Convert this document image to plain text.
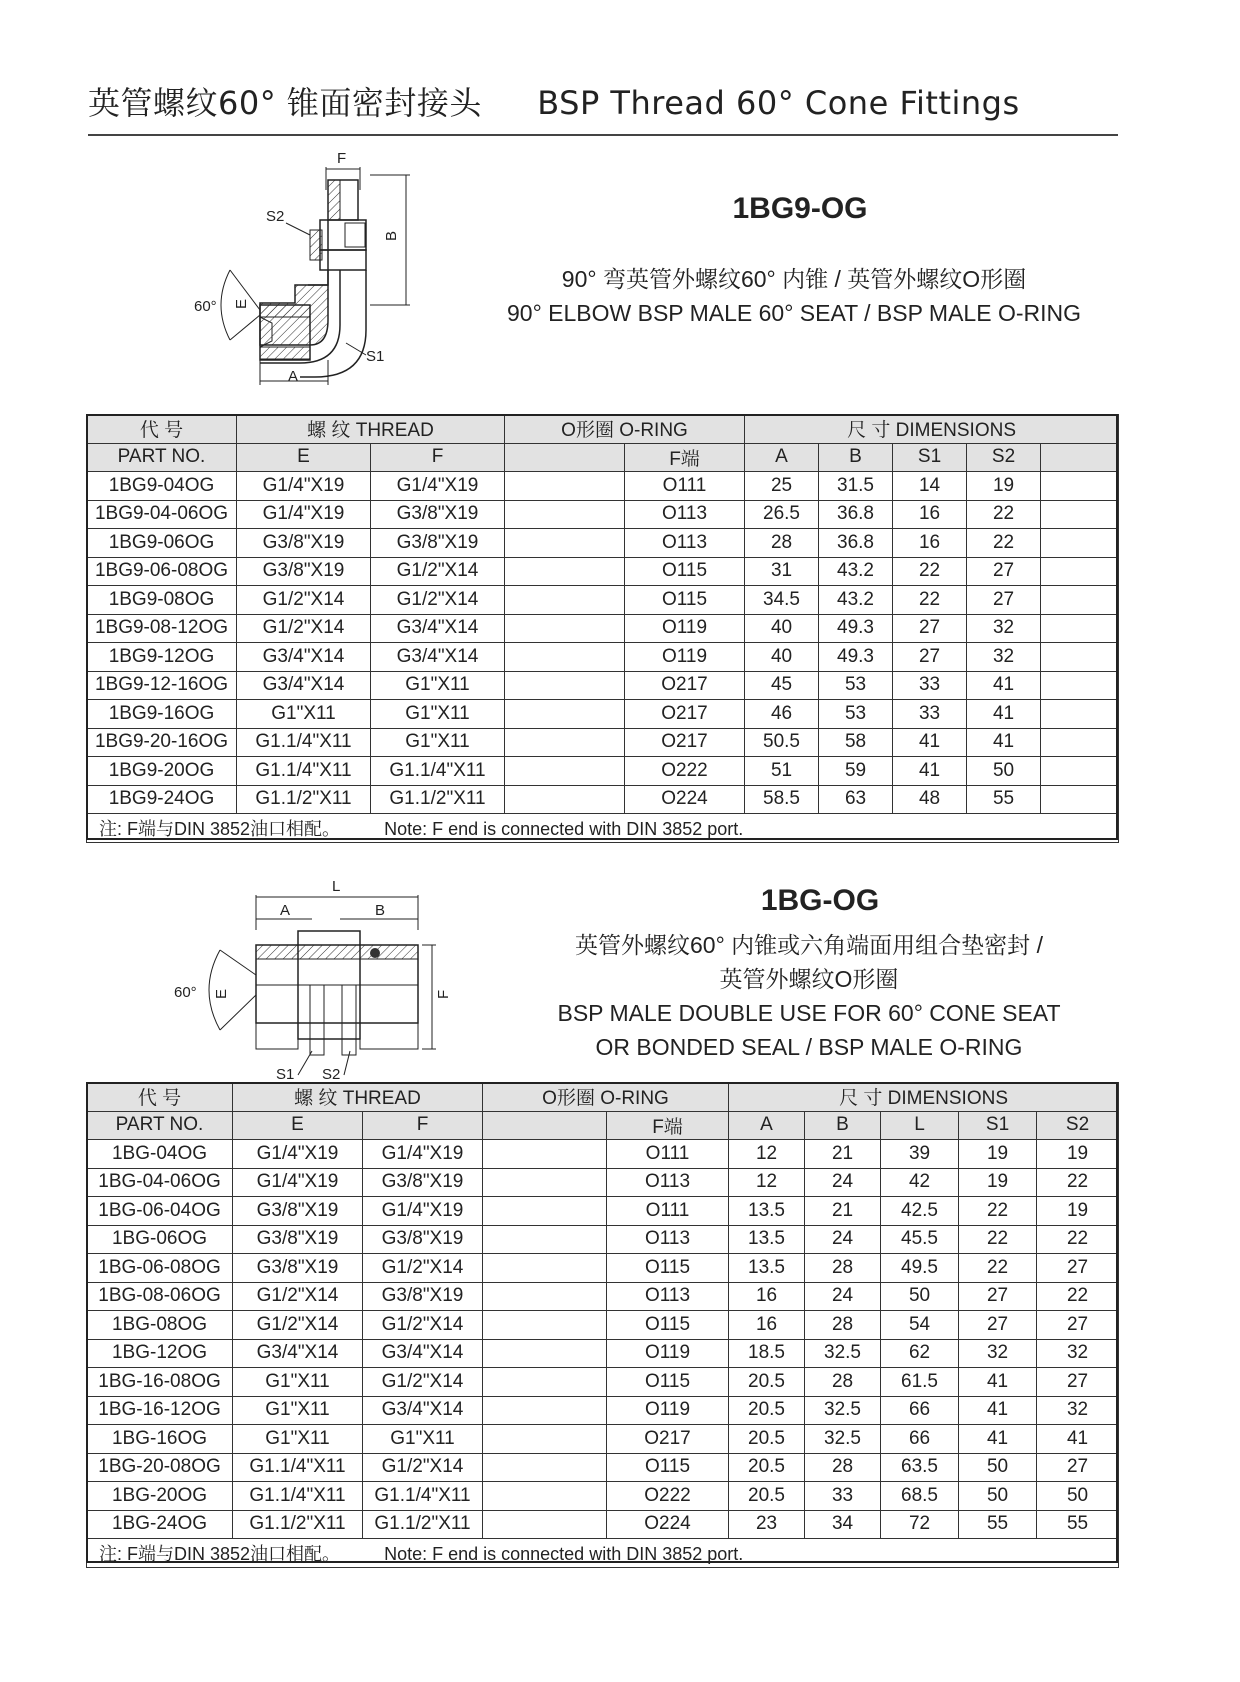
英管螺纹60° 锥面密封接头 BSP Thread 60° Cone Fittings
F
B
S2
60° E
S1
A
1BG9-OG
90° 弯英管外螺纹60° 内锥 / 英管外螺纹O形圈
90° ELBOW BSP MALE 60° SEAT / BSP MALE O-RING
代 号	螺 纹 THREAD		O形圈 O-RING		尺 寸 DIMENSIONS				
PART NO.	E	F		F端	A	B	S1	S2	
1BG9-04OG	G1/4"X19	G1/4"X19		O111	25	31.5	14	19	
1BG9-04-06OG	G1/4"X19	G3/8"X19		O113	26.5	36.8	16	22	
1BG9-06OG	G3/8"X19	G3/8"X19		O113	28	36.8	16	22	
1BG9-06-08OG	G3/8"X19	G1/2"X14		O115	31	43.2	22	27	
1BG9-08OG	G1/2"X14	G1/2"X14		O115	34.5	43.2	22	27	
1BG9-08-12OG	G1/2"X14	G3/4"X14		O119	40	49.3	27	32	
1BG9-12OG	G3/4"X14	G3/4"X14		O119	40	49.3	27	32	
1BG9-12-16OG	G3/4"X14	G1"X11		O217	45	53	33	41	
1BG9-16OG	G1"X11	G1"X11		O217	46	53	33	41	
1BG9-20-16OG	G1.1/4"X11	G1"X11		O217	50.5	58	41	41	
1BG9-20OG	G1.1/4"X11	G1.1/4"X11		O222	51	59	41	50	
1BG9-24OG	G1.1/2"X11	G1.1/2"X11		O224	58.5	63	48	55	
注: F端与DIN 3852油口相配。 Note: F end is connected with DIN 3852 port.									
L
A	B
60° E	F
S1 S2
1BG-OG
英管外螺纹60° 内锥或六角端面用组合垫密封 /
英管外螺纹O形圈
BSP MALE DOUBLE USE FOR 60° CONE SEAT
OR BONDED SEAL / BSP MALE O-RING
代 号	螺 纹 THREAD		O形圈 O-RING		尺 寸 DIMENSIONS				
PART NO.	E	F		F端	A	B	L	S1	S2
1BG-04OG	G1/4"X19	G1/4"X19		O111	12	21	39	19	19
1BG-04-06OG	G1/4"X19	G3/8"X19		O113	12	24	42	19	22
1BG-06-04OG	G3/8"X19	G1/4"X19		O111	13.5	21	42.5	22	19
1BG-06OG	G3/8"X19	G3/8"X19		O113	13.5	24	45.5	22	22
1BG-06-08OG	G3/8"X19	G1/2"X14		O115	13.5	28	49.5	22	27
1BG-08-06OG	G1/2"X14	G3/8"X19		O113	16	24	50	27	22
1BG-08OG	G1/2"X14	G1/2"X14		O115	16	28	54	27	27
1BG-12OG	G3/4"X14	G3/4"X14		O119	18.5	32.5	62	32	32
1BG-16-08OG	G1"X11	G1/2"X14		O115	20.5	28	61.5	41	27
1BG-16-12OG	G1"X11	G3/4"X14		O119	20.5	32.5	66	41	32
1BG-16OG	G1"X11	G1"X11		O217	20.5	32.5	66	41	41
1BG-20-08OG	G1.1/4"X11	G1/2"X14		O115	20.5	28	63.5	50	27
1BG-20OG	G1.1/4"X11	G1.1/4"X11		O222	20.5	33	68.5	50	50
1BG-24OG	G1.1/2"X11	G1.1/2"X11		O224	23	34	72	55	55
注: F端与DIN 3852油口相配。 Note: F end is connected with DIN 3852 port.									
